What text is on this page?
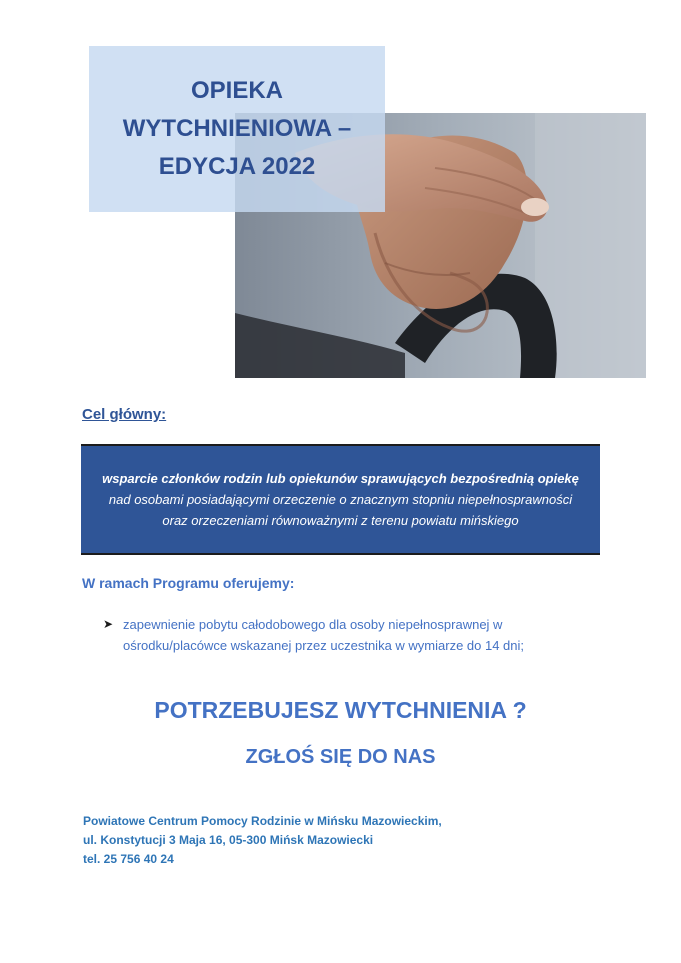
OPIEKA
WYTCHNIENIOWA –
EDYCJA 2022

Cel główny:

wsparcie członków rodzin lub opiekunów sprawujących bezpośrednią opiekę
nad osobami posiadającymi orzeczenie o znacznym stopniu niepełnosprawności
oraz orzeczeniami równoważnymi z terenu powiatu mińskiego

W ramach Programu oferujemy:

➤ zapewnienie pobytu całodobowego dla osoby niepełnosprawnej w
ośrodku/placówce wskazanej przez uczestnika w wymiarze do 14 dni;

POTRZEBUJESZ WYTCHNIENIA ?

ZGŁOŚ SIĘ DO NAS

Powiatowe Centrum Pomocy Rodzinie w Mińsku Mazowieckim,
ul. Konstytucji 3 Maja 16, 05-300 Mińsk Mazowiecki
tel. 25 756 40 24
